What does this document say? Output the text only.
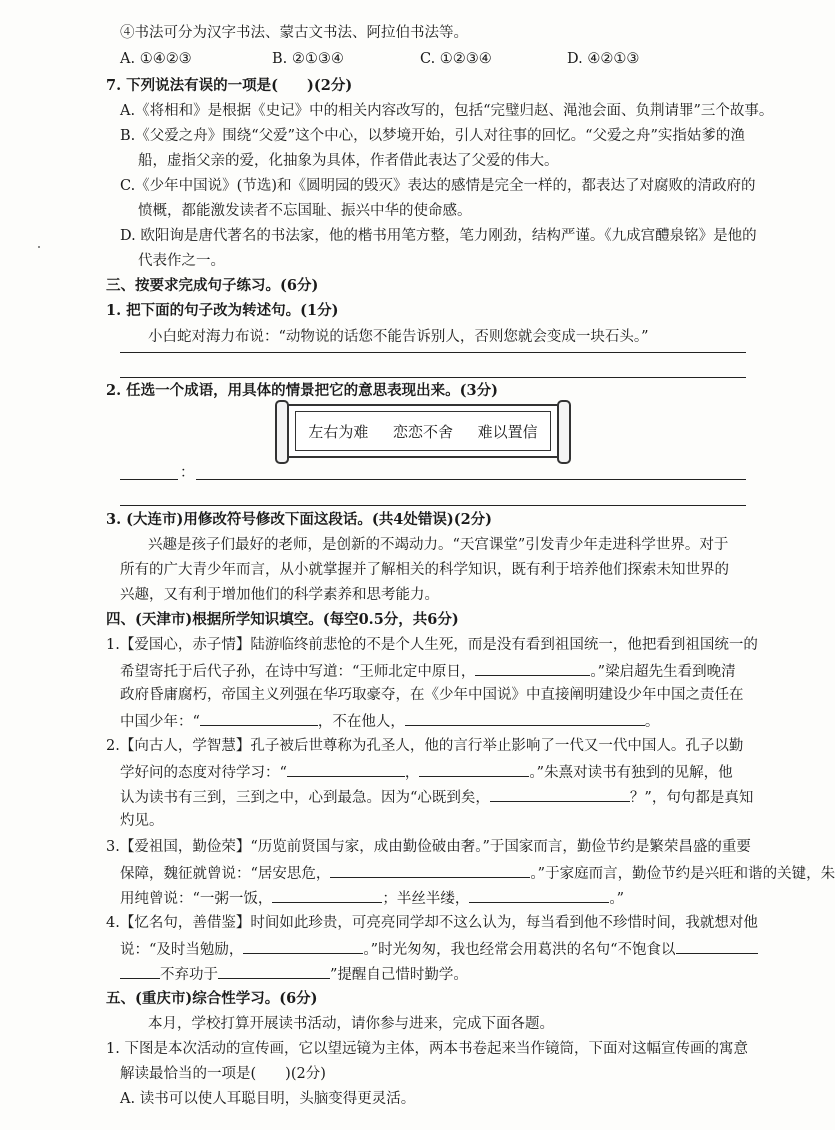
④书法可分为汉字书法、蒙古文书法、阿拉伯书法等。
A. ①④②③	B. ②①③④	C. ①②③④	D. ④②①③
7. 下列说法有误的一项是(　　)(2分)
A.《将相和》是根据《史记》中的相关内容改写的，包括“完璧归赵、渑池会面、负荆请罪”三个故事。
B.《父爱之舟》围绕“父爱”这个中心，以梦境开始，引人对往事的回忆。“父爱之舟”实指姑爹的渔
船，虚指父亲的爱，化抽象为具体，作者借此表达了父爱的伟大。
C.《少年中国说》(节选)和《圆明园的毁灭》表达的感情是完全一样的，都表达了对腐败的清政府的
愤概，都能激发读者不忘国耻、振兴中华的使命感。
D. 欧阳询是唐代著名的书法家，他的楷书用笔方整，笔力刚劲，结构严谨。《九成宫醴泉铭》是他的
代表作之一。
三、按要求完成句子练习。(6分)
1. 把下面的句子改为转述句。(1分)
小白蛇对海力布说：“动物说的话您不能告诉别人，否则您就会变成一块石头。”
2. 任选一个成语，用具体的情景把它的意思表现出来。(3分)
左右为难 恋恋不舍 难以置信
：
3. (大连市)用修改符号修改下面这段话。(共4处错误)(2分)
兴趣是孩子们最好的老师，是创新的不竭动力。“天宫课堂”引发青少年走进科学世界。对于
所有的广大青少年而言，从小就掌握并了解相关的科学知识，既有利于培养他们探索未知世界的
兴趣，又有利于增加他们的科学素养和思考能力。
四、(天津市)根据所学知识填空。(每空0.5分，共6分)
1.【爱国心，赤子情】陆游临终前悲怆的不是个人生死，而是没有看到祖国统一，他把看到祖国统一的
希望寄托于后代子孙，在诗中写道：“王师北定中原日，	。”梁启超先生看到晚清
政府昏庸腐朽，帝国主义列强在华巧取豪夺，在《少年中国说》中直接阐明建设少年中国之责任在
中国少年：“	，不在他人，	。
2.【向古人，学智慧】孔子被后世尊称为孔圣人，他的言行举止影响了一代又一代中国人。孔子以勤
学好问的态度对待学习：“	，	。”朱熹对读书有独到的见解，他
认为读书有三到，三到之中，心到最急。因为“心既到矣，	？”，句句都是真知
灼见。
3.【爱祖国，勤俭荣】“历览前贤国与家，成由勤俭破由奢。”于国家而言，勤俭节约是繁荣昌盛的重要
保障，魏征就曾说：“居安思危，	。”于家庭而言，勤俭节约是兴旺和谐的关键，朱
用纯曾说：“一粥一饭，	；半丝半缕，	。”
4.【忆名句，善借鉴】时间如此珍贵，可亮亮同学却不这么认为，每当看到他不珍惜时间，我就想对他
说：“及时当勉励，	。”时光匆匆，我也经常会用葛洪的名句“不饱食以
不弃功于	”提醒自己惜时勤学。
五、(重庆市)综合性学习。(6分)
本月，学校打算开展读书活动，请你参与进来，完成下面各题。
1. 下图是本次活动的宣传画，它以望远镜为主体，两本书卷起来当作镜筒，下面对这幅宣传画的寓意
解读最恰当的一项是(　　)(2分)
A. 读书可以使人耳聪目明，头脑变得更灵活。
